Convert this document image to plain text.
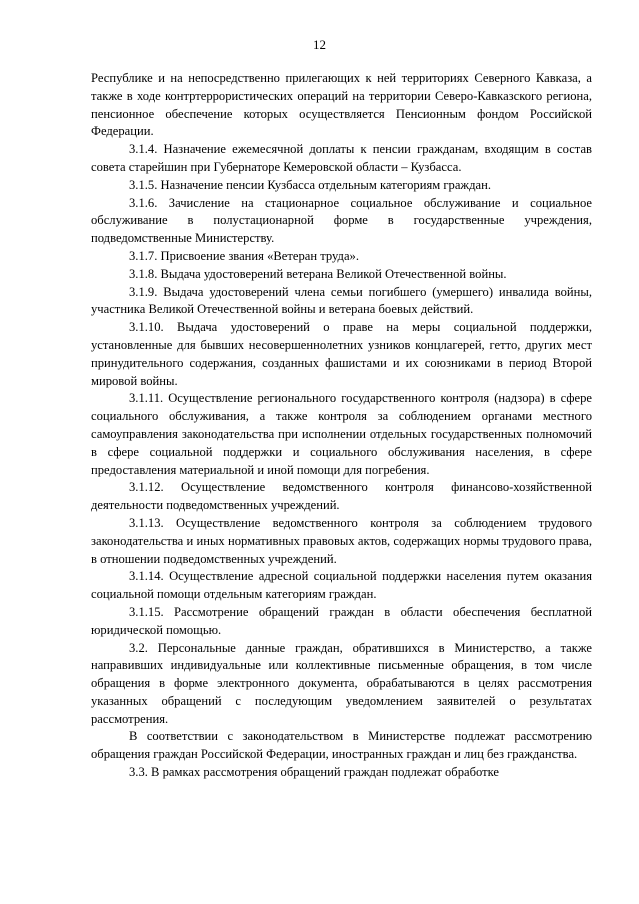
12

Республике и на непосредственно прилегающих к ней территориях Северного Кавказа, а также в ходе контртеррористических операций на территории Северо-Кавказского региона, пенсионное обеспечение которых осуществляется Пенсионным фондом Российской Федерации.

3.1.4. Назначение ежемесячной доплаты к пенсии гражданам, входящим в состав совета старейшин при Губернаторе Кемеровской области – Кузбасса.

3.1.5. Назначение пенсии Кузбасса отдельным категориям граждан.

3.1.6. Зачисление на стационарное социальное обслуживание и социальное обслуживание в полустационарной форме в государственные учреждения, подведомственные Министерству.

3.1.7. Присвоение звания «Ветеран труда».

3.1.8. Выдача удостоверений ветерана Великой Отечественной войны.

3.1.9. Выдача удостоверений члена семьи погибшего (умершего) инвалида войны, участника Великой Отечественной войны и ветерана боевых действий.

3.1.10. Выдача удостоверений о праве на меры социальной поддержки, установленные для бывших несовершеннолетних узников концлагерей, гетто, других мест принудительного содержания, созданных фашистами и их союзниками в период Второй мировой войны.

3.1.11. Осуществление регионального государственного контроля (надзора) в сфере социального обслуживания, а также контроля за соблюдением органами местного самоуправления законодательства при исполнении отдельных государственных полномочий в сфере социальной поддержки и социального обслуживания населения, в сфере предоставления материальной и иной помощи для погребения.

3.1.12. Осуществление ведомственного контроля финансово-хозяйственной деятельности подведомственных учреждений.

3.1.13. Осуществление ведомственного контроля за соблюдением трудового законодательства и иных нормативных правовых актов, содержащих нормы трудового права, в отношении подведомственных учреждений.

3.1.14. Осуществление адресной социальной поддержки населения путем оказания социальной помощи отдельным категориям граждан.

3.1.15. Рассмотрение обращений граждан в области обеспечения бесплатной юридической помощью.

3.2. Персональные данные граждан, обратившихся в Министерство, а также направивших индивидуальные или коллективные письменные обращения, в том числе обращения в форме электронного документа, обрабатываются в целях рассмотрения указанных обращений с последующим уведомлением заявителей о результатах рассмотрения.

В соответствии с законодательством в Министерстве подлежат рассмотрению обращения граждан Российской Федерации, иностранных граждан и лиц без гражданства.

3.3. В рамках рассмотрения обращений граждан подлежат обработке
